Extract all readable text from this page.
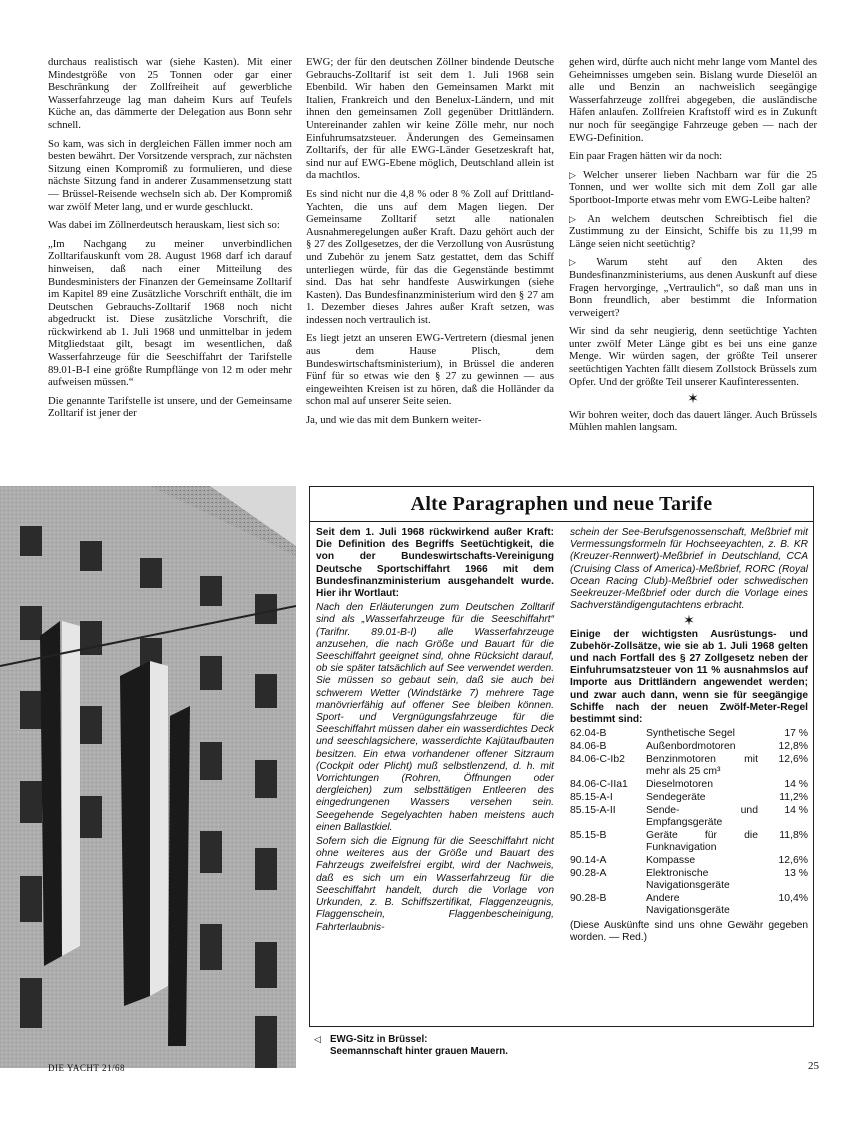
durchaus realistisch war (siehe Kasten). Mit einer Mindestgröße von 25 Tonnen oder gar einer Beschränkung der Zollfreiheit auf gewerbliche Wasserfahrzeuge lag man daheim Kurs auf Teufels Küche an, das dämmerte der Delegation aus Bonn sehr schnell.

So kam, was sich in dergleichen Fällen immer noch am besten bewährt. Der Vorsitzende versprach, zur nächsten Sitzung einen Kompromiß zu formulieren, und diese nächste Sitzung fand in anderer Zusammensetzung statt — Brüssel-Reisende wechseln sich ab. Der Kompromiß war zwölf Meter lang, und er wurde geschluckt.

Was dabei im Zöllnerdeutsch herauskam, liest sich so:

„Im Nachgang zu meiner unverbindlichen Zolltarifauskunft vom 28. August 1968 darf ich darauf hinweisen, daß nach einer Mitteilung des Bundesministers der Finanzen der Gemeinsame Zolltarif im Kapitel 89 eine Zusätzliche Vorschrift enthält, die im Deutschen Gebrauchs-Zolltarif 1968 noch nicht abgedruckt ist. Diese zusätzliche Vorschrift, die rückwirkend ab 1. Juli 1968 und unmittelbar in jedem Mitgliedstaat gilt, besagt im wesentlichen, daß Wasserfahrzeuge für die Seeschiffahrt der Tarifstelle 89.01-B-I eine größte Rumpflänge von 12 m oder mehr aufweisen müssen.“

Die genannte Tarifstelle ist unsere, und der Gemeinsame Zolltarif ist jener der

EWG; der für den deutschen Zöllner bindende Deutsche Gebrauchs-Zolltarif ist seit dem 1. Juli 1968 sein Ebenbild. Wir haben den Gemeinsamen Markt mit Italien, Frankreich und den Benelux-Ländern, und mit ihnen den gemeinsamen Zoll gegenüber Drittländern. Untereinander zahlen wir keine Zölle mehr, nur noch Einfuhrumsatzsteuer. Änderungen des Gemeinsamen Zolltarifs, der für alle EWG-Länder Gesetzeskraft hat, sind nur auf EWG-Ebene möglich, Deutschland allein ist da machtlos.

Es sind nicht nur die 4,8 % oder 8 % Zoll auf Drittland-Yachten, die uns auf dem Magen liegen. Der Gemeinsame Zolltarif setzt alle nationalen Ausnahmeregelungen außer Kraft. Dazu gehört auch der § 27 des Zollgesetzes, der die Verzollung von Ausrüstung und Zubehör zu jenem Satz gestattet, dem das Schiff unterliegen würde, für das die Gegenstände bestimmt sind. Das hat sehr handfeste Auswirkungen (siehe Kasten). Das Bundesfinanzministerium wird den § 27 am 1. Dezember dieses Jahres außer Kraft setzen, was indessen noch vertraulich ist.

Es liegt jetzt an unseren EWG-Vertretern (diesmal jenen aus dem Hause Plisch, dem Bundeswirtschaftsministerium), in Brüssel die anderen Fünf für so etwas wie den § 27 zu gewinnen — aus eingeweihten Kreisen ist zu hören, daß die Holländer da schon mal auf unserer Seite seien.

Ja, und wie das mit dem Bunkern weiter-

gehen wird, dürfte auch nicht mehr lange vom Mantel des Geheimnisses umgeben sein. Bislang wurde Dieselöl an alle und Benzin an nachweislich seegängige Wasserfahrzeuge zollfrei abgegeben, die ausländische Häfen anlaufen. Zollfreien Kraftstoff wird es in Zukunft nur noch für seegängige Fahrzeuge geben — nach der EWG-Definition.

Ein paar Fragen hätten wir da noch:

▷ Welcher unserer lieben Nachbarn war für die 25 Tonnen, und wer wollte sich mit dem Zoll gar alle Sportboot-Importe etwas mehr vom EWG-Leibe halten?

▷ An welchem deutschen Schreibtisch fiel die Zustimmung zu der Einsicht, Schiffe bis zu 11,99 m Länge seien nicht seetüchtig?

▷ Warum steht auf den Akten des Bundesfinanzministeriums, aus denen Auskunft auf diese Fragen hervorginge, „Vertraulich“, so daß man uns in Bonn freundlich, aber bestimmt die Information verweigert?

Wir sind da sehr neugierig, denn seetüchtige Yachten unter zwölf Meter Länge gibt es bei uns eine ganze Menge. Wir würden sagen, der größte Teil unserer seetüchtigen Yachten fällt diesem Zollstock Brüssels zum Opfer. Und der größte Teil unserer Kaufinteressenten.

✶

Wir bohren weiter, doch das dauert länger. Auch Brüssels Mühlen mahlen langsam.

Alte Paragraphen und neue Tarife

Seit dem 1. Juli 1968 rückwirkend außer Kraft: Die Definition des Begriffs Seetüchtigkeit, die von der Bundeswirtschafts-Vereinigung Deutsche Sportschiffahrt 1966 mit dem Bundesfinanzministerium ausgehandelt wurde. Hier ihr Wortlaut:

Nach den Erläuterungen zum Deutschen Zolltarif sind als „Wasserfahrzeuge für die Seeschiffahrt“ (Tarifnr. 89.01-B-I) alle Wasserfahrzeuge anzusehen, die nach Größe und Bauart für die Seeschiffahrt geeignet sind, ohne Rücksicht darauf, ob sie später tatsächlich auf See verwendet werden. Sie müssen so gebaut sein, daß sie auch bei schwerem Wetter (Windstärke 7) mehrere Tage manövrierfähig auf offener See bleiben können. Sport- und Vergnügungsfahrzeuge für die Seeschiffahrt müssen daher ein wasserdichtes Deck und seeschlagsichere, wasserdichte Kajütaufbauten besitzen. Ein etwa vorhandener offener Sitzraum (Cockpit oder Plicht) muß selbstlenzend, d. h. mit Vorrichtungen (Rohren, Öffnungen oder dergleichen) zum selbsttätigen Entleeren des eingedrungenen Wassers versehen sein. Seegehende Segelyachten haben meistens auch einen Ballastkiel.

Sofern sich die Eignung für die Seeschiffahrt nicht ohne weiteres aus der Größe und Bauart des Fahrzeugs zweifelsfrei ergibt, wird der Nachweis, daß es sich um ein Wasserfahrzeug für die Seeschiffahrt handelt, durch die Vorlage von Urkunden, z. B. Schiffszertifikat, Flaggenzeugnis, Flaggenschein, Flaggenbescheinigung, Fahrterlaubnis-

schein der See-Berufsgenossenschaft, Meßbrief mit Vermessungsformeln für Hochseeyachten, z. B. KR (Kreuzer-Rennwert)-Meßbrief in Deutschland, CCA (Cruising Class of America)-Meßbrief, RORC (Royal Ocean Racing Club)-Meßbrief oder schwedischen Seekreuzer-Meßbrief oder durch die Vorlage eines Sachverständigengutachtens erbracht.

✶

Einige der wichtigsten Ausrüstungs- und Zubehör-Zollsätze, wie sie ab 1. Juli 1968 gelten und nach Fortfall des § 27 Zollgesetz neben der Einfuhrumsatzsteuer von 11 % ausnahmslos auf Importe aus Drittländern angewendet werden; und zwar auch dann, wenn sie für seegängige Schiffe nach der neuen Zwölf-Meter-Regel bestimmt sind:

62.04-B	Synthetische Segel	17 %
84.06-B	Außenbordmotoren	12,8%
84.06-C-Ib2	Benzinmotoren mit mehr als 25 cm³	12,6%
84.06-C-IIa1	Dieselmotoren	14 %
85.15-A-I	Sendegeräte	11,2%
85.15-A-II	Sende- und Empfangsgeräte	14 %
85.15-B	Geräte für die Funknavigation	11,8%
90.14-A	Kompasse	12,6%
90.28-A	Elektronische Navigationsgeräte	13 %
90.28-B	Andere Navigationsgeräte	10,4%

(Diese Auskünfte sind uns ohne Gewähr gegeben worden. — Red.)

◁ EWG-Sitz in Brüssel:
Seemannschaft hinter grauen Mauern.
DIE YACHT 21/68	25
